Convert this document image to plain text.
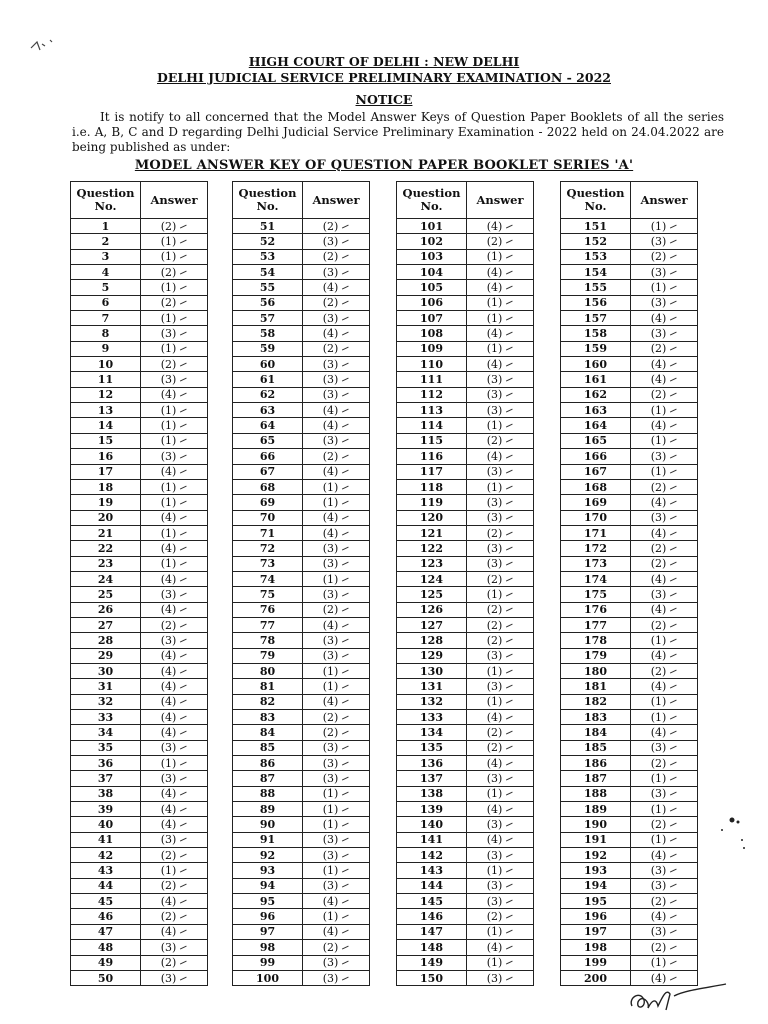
HIGH COURT OF DELHI : NEW DELHI
DELHI JUDICIAL SERVICE PRELIMINARY EXAMINATION - 2022
NOTICE
It is notify to all concerned that the Model Answer Keys of Question Paper Booklets of all the series i.e. A, B, C and D regarding Delhi Judicial Service Preliminary Examination - 2022 held on 24.04.2022 are being published as under:
MODEL ANSWER KEY OF QUESTION PAPER BOOKLET SERIES 'A'
Question
No.	Answer
1	(2)
2	(1)
3	(1)
4	(2)
5	(1)
6	(2)
7	(1)
8	(3)
9	(1)
10	(2)
11	(3)
12	(4)
13	(1)
14	(1)
15	(1)
16	(3)
17	(4)
18	(1)
19	(1)
20	(4)
21	(1)
22	(4)
23	(1)
24	(4)
25	(3)
26	(4)
27	(2)
28	(3)
29	(4)
30	(4)
31	(4)
32	(4)
33	(4)
34	(4)
35	(3)
36	(1)
37	(3)
38	(4)
39	(4)
40	(4)
41	(3)
42	(2)
43	(1)
44	(2)
45	(4)
46	(2)
47	(4)
48	(3)
49	(2)
50	(3)
Question
No.	Answer
51	(2)
52	(3)
53	(2)
54	(3)
55	(4)
56	(2)
57	(3)
58	(4)
59	(2)
60	(3)
61	(3)
62	(3)
63	(4)
64	(4)
65	(3)
66	(2)
67	(4)
68	(1)
69	(1)
70	(4)
71	(4)
72	(3)
73	(3)
74	(1)
75	(3)
76	(2)
77	(4)
78	(3)
79	(3)
80	(1)
81	(1)
82	(4)
83	(2)
84	(2)
85	(3)
86	(3)
87	(3)
88	(1)
89	(1)
90	(1)
91	(3)
92	(3)
93	(1)
94	(3)
95	(4)
96	(1)
97	(4)
98	(2)
99	(3)
100	(3)
Question
No.	Answer
101	(4)
102	(2)
103	(1)
104	(4)
105	(4)
106	(1)
107	(1)
108	(4)
109	(1)
110	(4)
111	(3)
112	(3)
113	(3)
114	(1)
115	(2)
116	(4)
117	(3)
118	(1)
119	(3)
120	(3)
121	(2)
122	(3)
123	(3)
124	(2)
125	(1)
126	(2)
127	(2)
128	(2)
129	(3)
130	(1)
131	(3)
132	(1)
133	(4)
134	(2)
135	(2)
136	(4)
137	(3)
138	(1)
139	(4)
140	(3)
141	(4)
142	(3)
143	(1)
144	(3)
145	(3)
146	(2)
147	(1)
148	(4)
149	(1)
150	(3)
Question
No.	Answer
151	(1)
152	(3)
153	(2)
154	(3)
155	(1)
156	(3)
157	(4)
158	(3)
159	(2)
160	(4)
161	(4)
162	(2)
163	(1)
164	(4)
165	(1)
166	(3)
167	(1)
168	(2)
169	(4)
170	(3)
171	(4)
172	(2)
173	(2)
174	(4)
175	(3)
176	(4)
177	(2)
178	(1)
179	(4)
180	(2)
181	(4)
182	(1)
183	(1)
184	(4)
185	(3)
186	(2)
187	(1)
188	(3)
189	(1)
190	(2)
191	(1)
192	(4)
193	(3)
194	(3)
195	(2)
196	(4)
197	(3)
198	(2)
199	(1)
200	(4)
